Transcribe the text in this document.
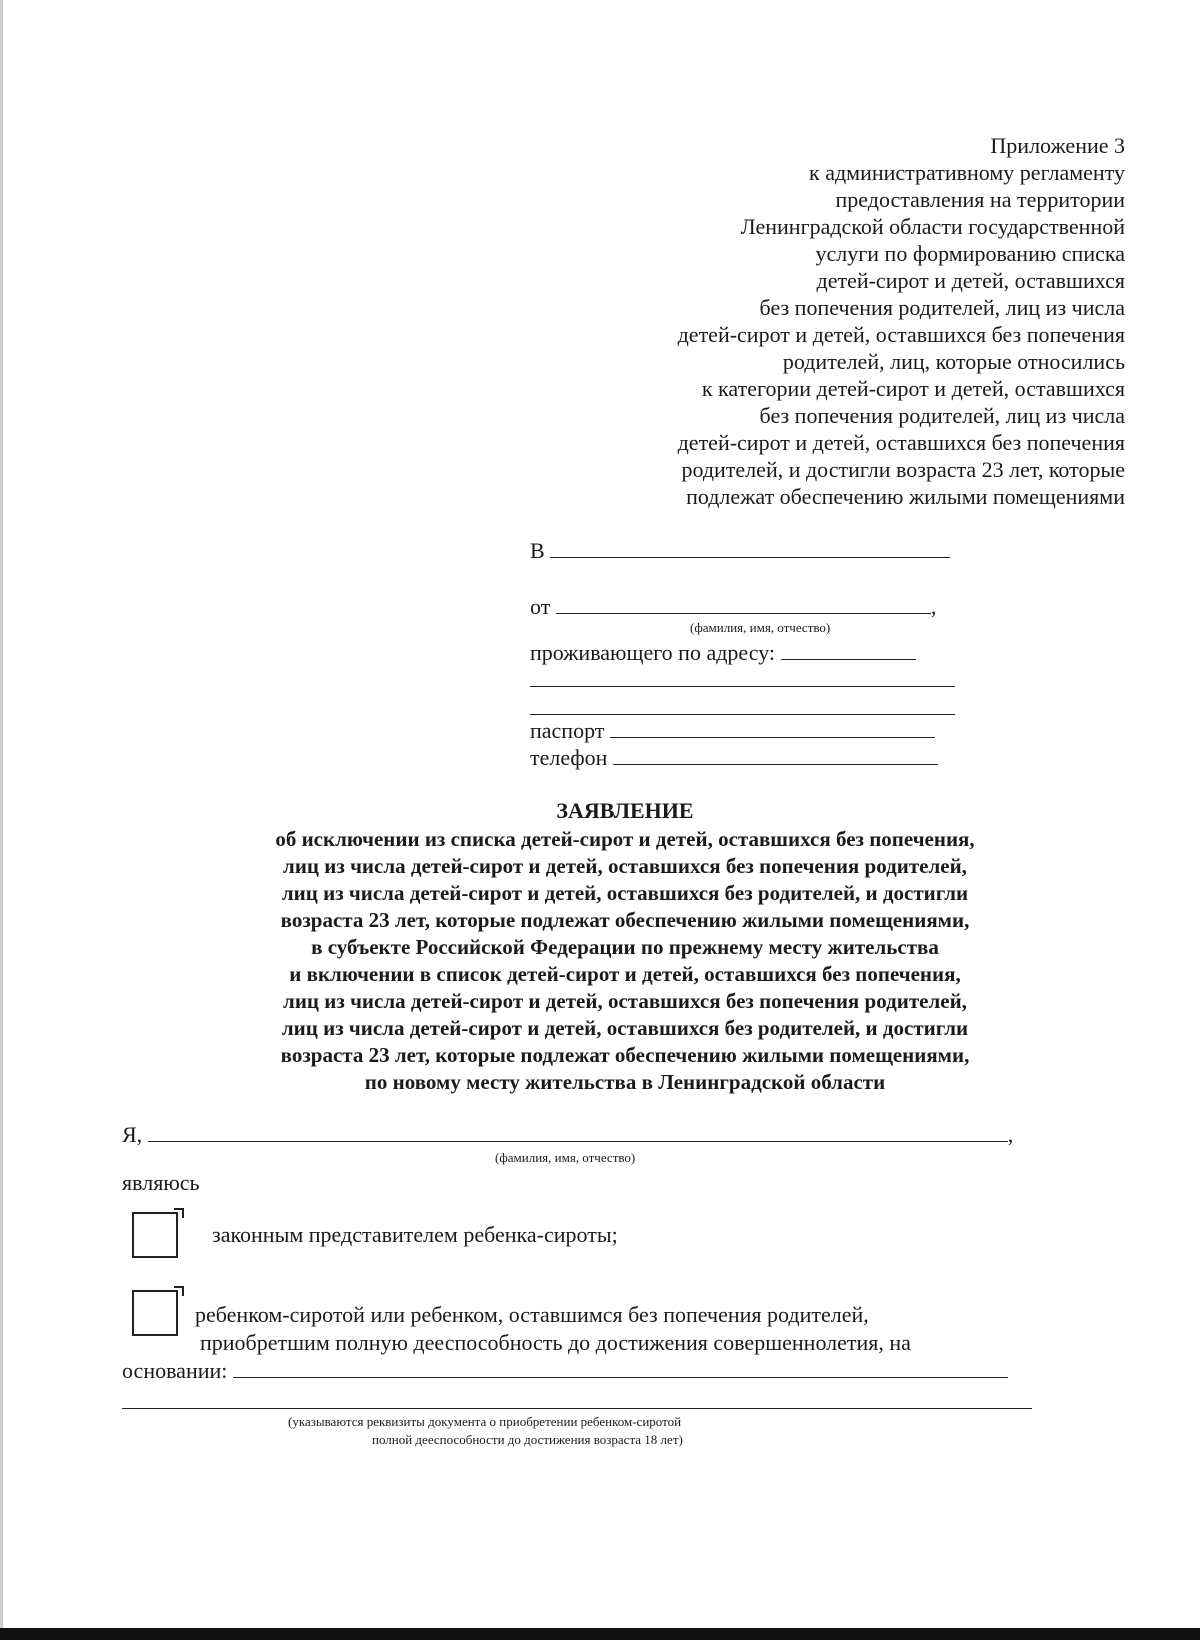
Приложение 3
к административному регламенту
предоставления на территории
Ленинградской области государственной
услуги по формированию списка
детей-сирот и детей, оставшихся
без попечения родителей, лиц из числа
детей-сирот и детей, оставшихся без попечения
родителей, лиц, которые относились
к категории детей-сирот и детей, оставшихся
без попечения родителей, лиц из числа
детей-сирот и детей, оставшихся без попечения
родителей, и достигли возраста 23 лет, которые
подлежат обеспечению жилыми помещениями
В
от	,
(фамилия, имя, отчество)
проживающего по адресу:
паспорт
телефон
ЗАЯВЛЕНИЕ
об исключении из списка детей-сирот и детей, оставшихся без попечения,
лиц из числа детей-сирот и детей, оставшихся без попечения родителей,
лиц из числа детей-сирот и детей, оставшихся без родителей, и достигли
возраста 23 лет, которые подлежат обеспечению жилыми помещениями,
в субъекте Российской Федерации по прежнему месту жительства
и включении в список детей-сирот и детей, оставшихся без попечения,
лиц из числа детей-сирот и детей, оставшихся без попечения родителей,
лиц из числа детей-сирот и детей, оставшихся без родителей, и достигли
возраста 23 лет, которые подлежат обеспечению жилыми помещениями,
по новому месту жительства в Ленинградской области
Я,	,
(фамилия, имя, отчество)
являюсь
законным представителем ребенка-сироты;
ребенком-сиротой или ребенком, оставшимся без попечения родителей,
приобретшим полную дееспособность до достижения совершеннолетия, на
основании:
(указываются реквизиты документа о приобретении ребенком-сиротой
полной дееспособности до достижения возраста 18 лет)
